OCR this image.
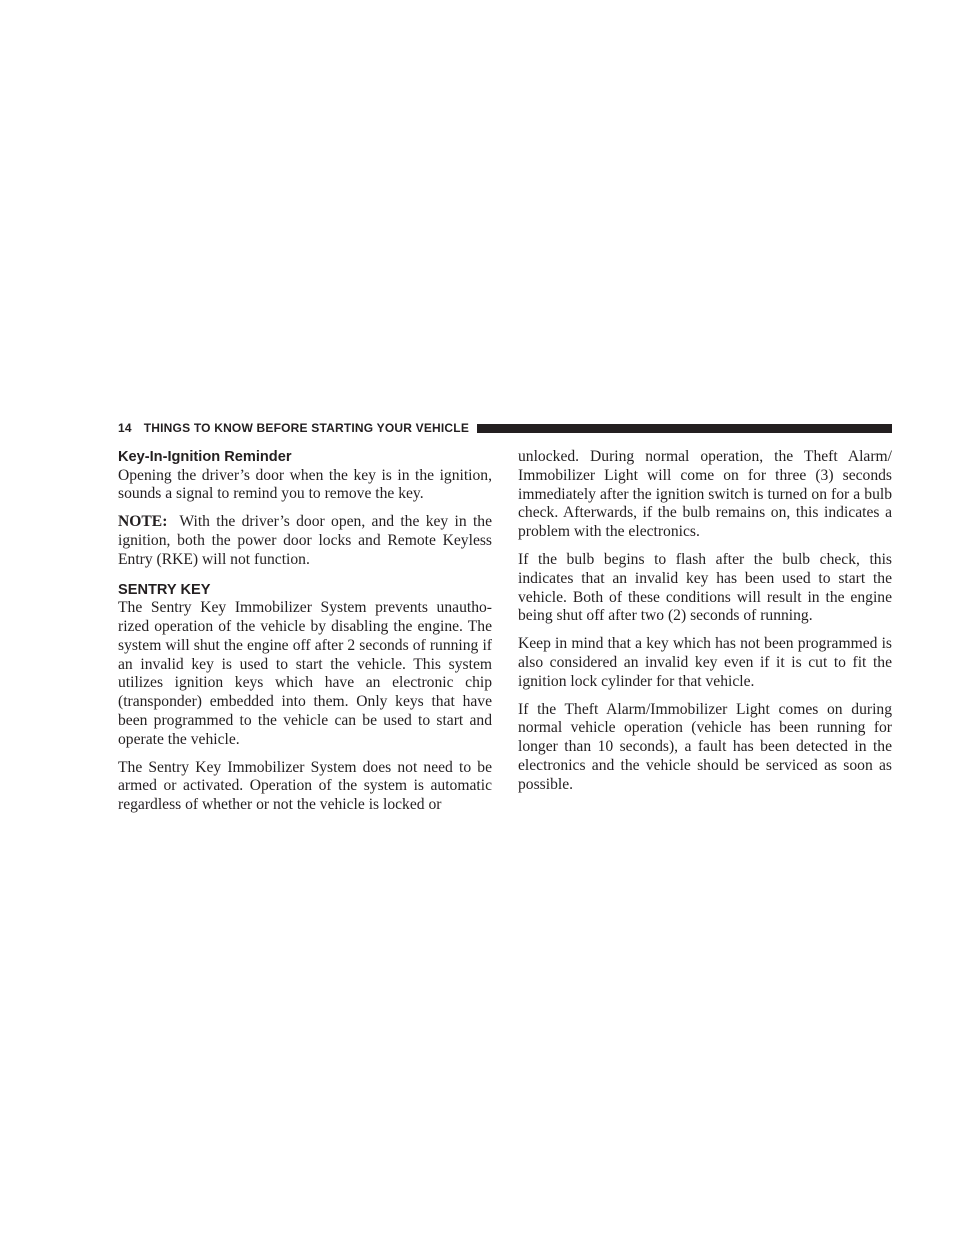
14 THINGS TO KNOW BEFORE STARTING YOUR VEHICLE
Key-In-Ignition Reminder

Opening the driver’s door when the key is in the ignition, sounds a signal to remind you to remove the key.

NOTE: With the driver’s door open, and the key in the ignition, both the power door locks and Remote Keyless Entry (RKE) will not function.

SENTRY KEY

The Sentry Key Immobilizer System prevents unautho-rized operation of the vehicle by disabling the engine. The system will shut the engine off after 2 seconds of running if an invalid key is used to start the vehicle. This system utilizes ignition keys which have an electronic chip (transponder) embedded into them. Only keys that have been programmed to the vehicle can be used to start and operate the vehicle.

The Sentry Key Immobilizer System does not need to be armed or activated. Operation of the system is automatic regardless of whether or not the vehicle is locked or

unlocked. During normal operation, the Theft Alarm/ Immobilizer Light will come on for three (3) seconds immediately after the ignition switch is turned on for a bulb check. Afterwards, if the bulb remains on, this indicates a problem with the electronics.

If the bulb begins to flash after the bulb check, this indicates that an invalid key has been used to start the vehicle. Both of these conditions will result in the engine being shut off after two (2) seconds of running.

Keep in mind that a key which has not been programmed is also considered an invalid key even if it is cut to fit the ignition lock cylinder for that vehicle.

If the Theft Alarm/Immobilizer Light comes on during normal vehicle operation (vehicle has been running for longer than 10 seconds), a fault has been detected in the electronics and the vehicle should be serviced as soon as possible.
